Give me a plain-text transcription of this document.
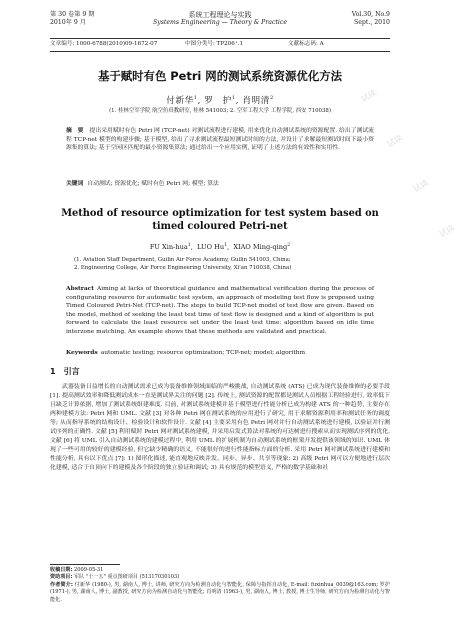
第 30 卷第 9 期
2010年 9 月
系统工程理论与实践
Systems Engineering — Theory & Practice
Vol.30, No.9
Sept., 2010
文章编号: 1000-6788(2010)09-1672-07	中图分类号: TP206⁺.1	文献标志码: A
基于赋时有色 Petri 网的测试系统资源优化方法
付新华$^1$, 罗　护$^1$, 肖明清$^2$
(1. 桂林空军学院 航空仿真教研室, 桂林 541003; 2. 空军工程大学 工程学院, 西安 710038)
摘　要 提出采用赋时有色 Petri 网 (TCP-net) 对测试流程进行建模, 用来优化自动测试系统的资源配置. 给出了测试流程 TCP-net 模型的构建步骤; 基于模型, 给出了寻求测试流程最短测试时间的方法, 并设计了求解最短测试时间下最小资源集的算法; 基于空闲区匹配的最小资源集算法; 通过给出一个应用实例, 证明了上述方法的有效性和实用性.
关键词 自动测试; 资源优化; 赋时有色 Petri 网; 模型; 算法
Method of resource optimization for test system based on timed coloured Petri-net
FU Xin-hua$^1$,  LUO Hu$^1$,  XIAO Ming-qing$^2$
(1. Aviation Staff Department, Guilin Air Force Academy, Guilin 541003, China;
2. Engineering College, Air Force Engineering University, Xi'an 710038, China)
Abstract Aiming at lacks of theoretical guidance and mathematical verification during the process of configurating resource for automatic test system, an approach of modeling test flow is proposed using Timed Coloured Petri-Net (TCP-net). The steps to build TCP-net model of test flow are given. Based on the model, method of seeking the least test time of test flow is designed and a kind of algorithm is put forward to calculate the least resource set under the least test time: algorithm based on idle time interzone matching. An example shows that these methods are validated and practical.
Keywords automatic testing; resource optimization; TCP-net; model; algorithm
1　引言
武器装备日益增长的自动测试需求已成为装备维修领域面临的严峻挑战, 自动测试系统 (ATS) 已成为现代装备维修的必要手段 [1]. 提高测试效率和降低测试成本一直是测试界关注的问题 [2]. 传统上, 测试资源的配置都是测试人员根据工程经验进行, 效率低下且缺乏计算依据, 增加了测试系统组建难度. 目前, 对测试系统建模并基于模型进行性能分析已成为构建 ATS 的一种趋势, 主要存在两种建模方法: Petri 网和 UML. 文献 [3] 对各种 Petri 网在测试系统的应用进行了研究, 用于求解资源利用率和测试任务的调度等; 从而指导系统的结构设计、检验设计和软件设计. 文献 [4] 主要采用有色 Petri 网对并行自动测试系统进行建模, 以验证并行测试序列的正确性. 文献 [5] 利用赋时 Petri 网对测试系统建模, 并采用启发式算法对系统的可达树进行搜索从而实现测试序列的优化. 文献 [6] 将 UML 引入自动测试系统的建模过程中, 利用 UML 的扩展机制为自动测试系统的框架开发提供该领域的知识. UML 体现了一些可用的较好的建模经验, 但它缺少精确的语义, 不能很好的进行性能指标方面的分析. 采用 Petri 网对测试系统进行建模和性能分析, 具有以下优点 [7]: 1) 图形化描述, 能直观地反映并发、同步、异步、共享等现象; 2) 高级 Petri 网可以方便地进行层次化建模, 适合于自顶向下的建模及各个阶段的独立验证和调试; 3) 具有规范的模型语义, 严格的数学基础和社
收稿日期: 2009-05-31
资助项目: 军队 "十一五" 重点图研项目 (51317030103)
作者简介: 付新华 (1980-), 男, 湖南人, 博士, 讲师, 研究方向为检测自动化与智能化, 保障与指挥自动化, E-mail: fuxinhua_0039@163.com; 罗护 (1971-), 男, 湖南人, 博士, 副教授, 研究方向为检测自动化与智能化; 肖明清 (1963-), 男, 湖南人, 博士, 教授, 博士生导师, 研究方向为检测自动化与智能化.
试读
试读
试读
试读
